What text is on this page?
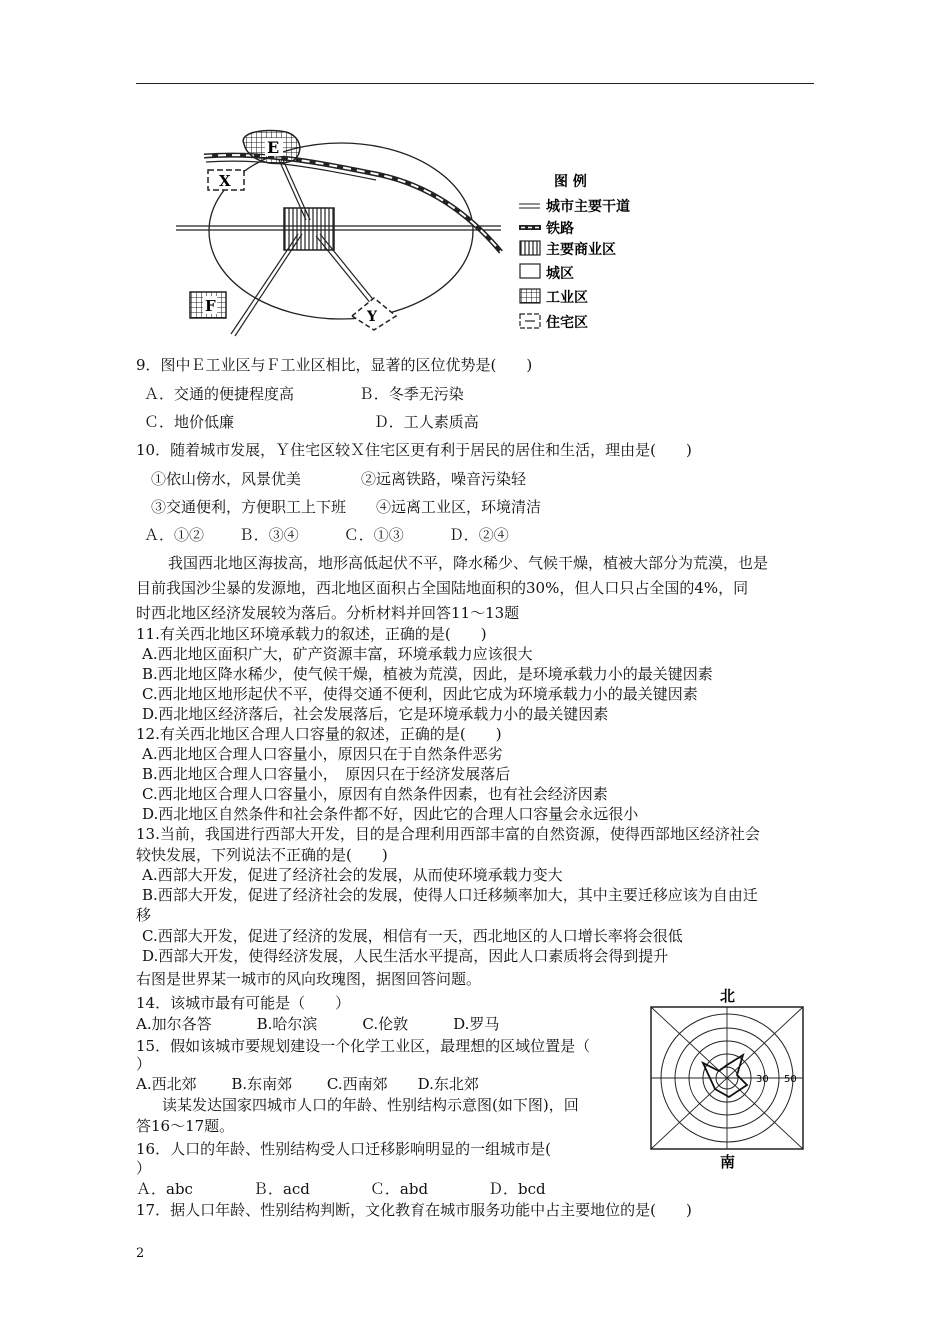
E
X
F
Y
图 例
城市主要干道
铁路
主要商业区
城区
工业区
住宅区
9．图中Ｅ工业区与Ｆ工业区相比，显著的区位优势是(　　)
Ａ．交通的便捷程度高　　　　 Ｂ．冬季无污染
Ｃ．地价低廉　　　　　　　　　 Ｄ．工人素质高
10．随着城市发展，Ｙ住宅区较Ｘ住宅区更有利于居民的居住和生活，理由是(　　)
①依山傍水，风景优美　　　　②远离铁路，噪音污染轻
③交通便利，方便职工上下班　　④远离工业区，环境清洁
Ａ．①②　　 Ｂ．③④　　　Ｃ．①③　　　Ｄ．②④
我国西北地区海拔高，地形高低起伏不平，降水稀少、气候干燥，植被大部分为荒漠，也是
目前我国沙尘暴的发源地，西北地区面积占全国陆地面积的30%，但人口只占全国的4%，同
时西北地区经济发展较为落后。分析材料并回答11～13题
11.有关西北地区环境承载力的叙述，正确的是(　　)
A.西北地区面积广大，矿产资源丰富，环境承载力应该很大
B.西北地区降水稀少，使气候干燥，植被为荒漠，因此，是环境承载力小的最关键因素
C.西北地区地形起伏不平，使得交通不便利，因此它成为环境承载力小的最关键因素
D.西北地区经济落后，社会发展落后，它是环境承载力小的最关键因素
12.有关西北地区合理人口容量的叙述，正确的是(　　)
A.西北地区合理人口容量小，原因只在于自然条件恶劣
B.西北地区合理人口容量小，　原因只在于经济发展落后
C.西北地区合理人口容量小，原因有自然条件因素，也有社会经济因素
D.西北地区自然条件和社会条件都不好，因此它的合理人口容量会永远很小
13.当前，我国进行西部大开发，目的是合理利用西部丰富的自然资源，使得西部地区经济社会
较快发展，下列说法不正确的是(　　)
A.西部大开发，促进了经济社会的发展，从而使环境承载力变大
B.西部大开发，促进了经济社会的发展，使得人口迁移频率加大，其中主要迁移应该为自由迁
移
C.西部大开发，促进了经济的发展，相信有一天，西北地区的人口增长率将会很低
D.西部大开发，使得经济发展，人民生活水平提高，因此人口素质将会得到提升
右图是世界某一城市的风向玫瑰图，据图回答问题。
14．该城市最有可能是（　　）
A.加尔各答　　　B.哈尔滨　　　C.伦敦　　　D.罗马
15．假如该城市要规划建设一个化学工业区，最理想的区域位置是（
）
A.西北郊　　 B.东南郊　　 C.西南郊　　D.东北郊
读某发达国家四城市人口的年龄、性别结构示意图(如下图)，回
答16～17题。
16．人口的年龄、性别结构受人口迁移影响明显的一组城市是(
）
Ａ．abc　　　　Ｂ．acd　　　　Ｃ．abd　　　　Ｄ．bcd
17．据人口年龄、性别结构判断，文化教育在城市服务功能中占主要地位的是(　　)
北
30 50
南
2
